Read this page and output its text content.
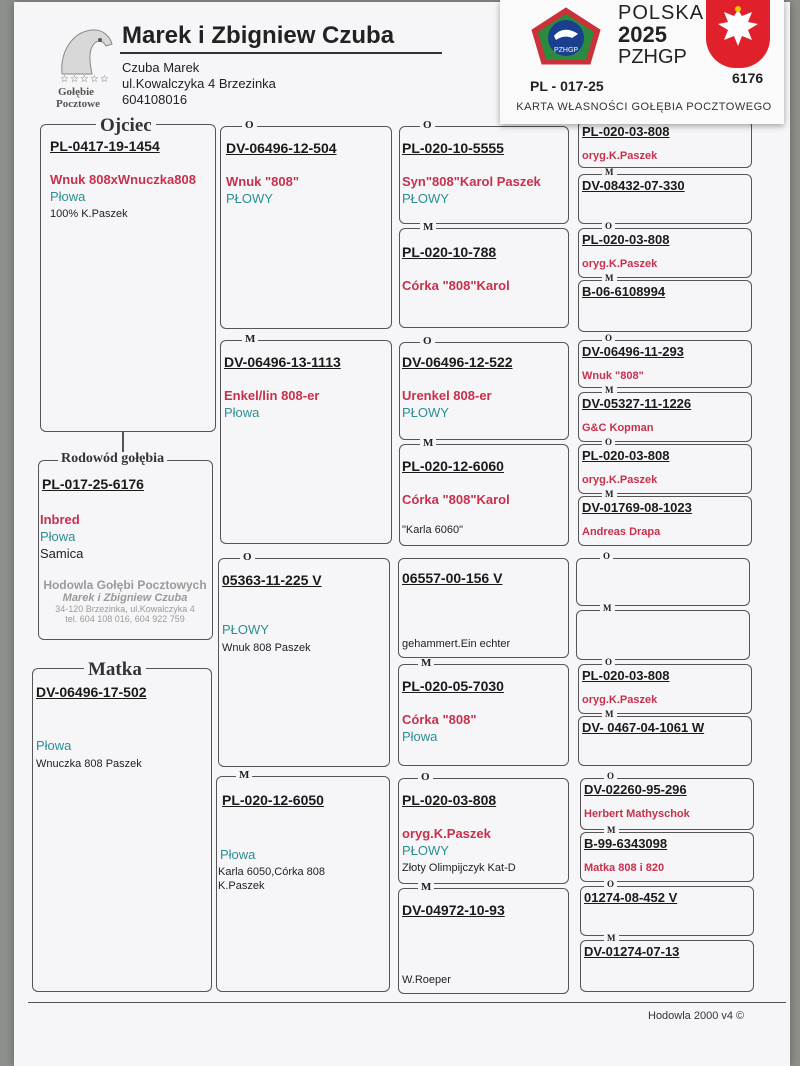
☆☆☆☆☆
Gołębie
Pocztowe
Marek i Zbigniew Czuba
Czuba Marek
ul.Kowalczyka 4 Brzezinka
604108016
Ojciec
PL-0417-19-1454
Wnuk 808xWnuczka808
Płowa
100% K.Paszek
Rodowód gołębia
PL-017-25-6176
Inbred
Płowa
Samica
Hodowla Gołębi Pocztowych
Marek i Zbigniew Czuba
34-120 Brzezinka, ul.Kowalczyka 4
tel. 604 108 016, 604 922 759
Matka
DV-06496-17-502
Płowa
Wnuczka 808 Paszek
O
DV-06496-12-504
Wnuk "808"
PŁOWY
M
DV-06496-13-1113
Enkel/lin 808-er
Płowa
O
05363-11-225 V
PŁOWY
Wnuk 808 Paszek
M
PL-020-12-6050
Płowa
Karla 6050,Córka 808
K.Paszek
O
PL-020-10-5555
Syn"808"Karol Paszek
PŁOWY
M
PL-020-10-788
Córka "808"Karol
O
DV-06496-12-522
Urenkel 808-er
PŁOWY
M
PL-020-12-6060
Córka "808"Karol
"Karla 6060"
06557-00-156 V
gehammert.Ein echter
M
PL-020-05-7030
Córka "808"
Płowa
O
PL-020-03-808
oryg.K.Paszek
PŁOWY
Złoty Olimpijczyk Kat-D
M
DV-04972-10-93
W.Roeper
PL-020-03-808
oryg.K.Paszek
M
DV-08432-07-330
O
PL-020-03-808
oryg.K.Paszek
M
B-06-6108994
O
DV-06496-11-293
Wnuk "808"
M
DV-05327-11-1226
G&C Kopman
O
PL-020-03-808
oryg.K.Paszek
M
DV-01769-08-1023
Andreas Drapa
O
M
O
PL-020-03-808
oryg.K.Paszek
M
DV- 0467-04-1061 W
O
DV-02260-95-296
Herbert Mathyschok
M
B-99-6343098
Matka 808 i 820
O
01274-08-452 V
M
DV-01274-07-13
Hodowla 2000 v4 ©
PZHGP
POLSKA
2025
PZHGP
PL - 017-25	6176
KARTA WŁASNOŚCI GOŁĘBIA POCZTOWEGO
